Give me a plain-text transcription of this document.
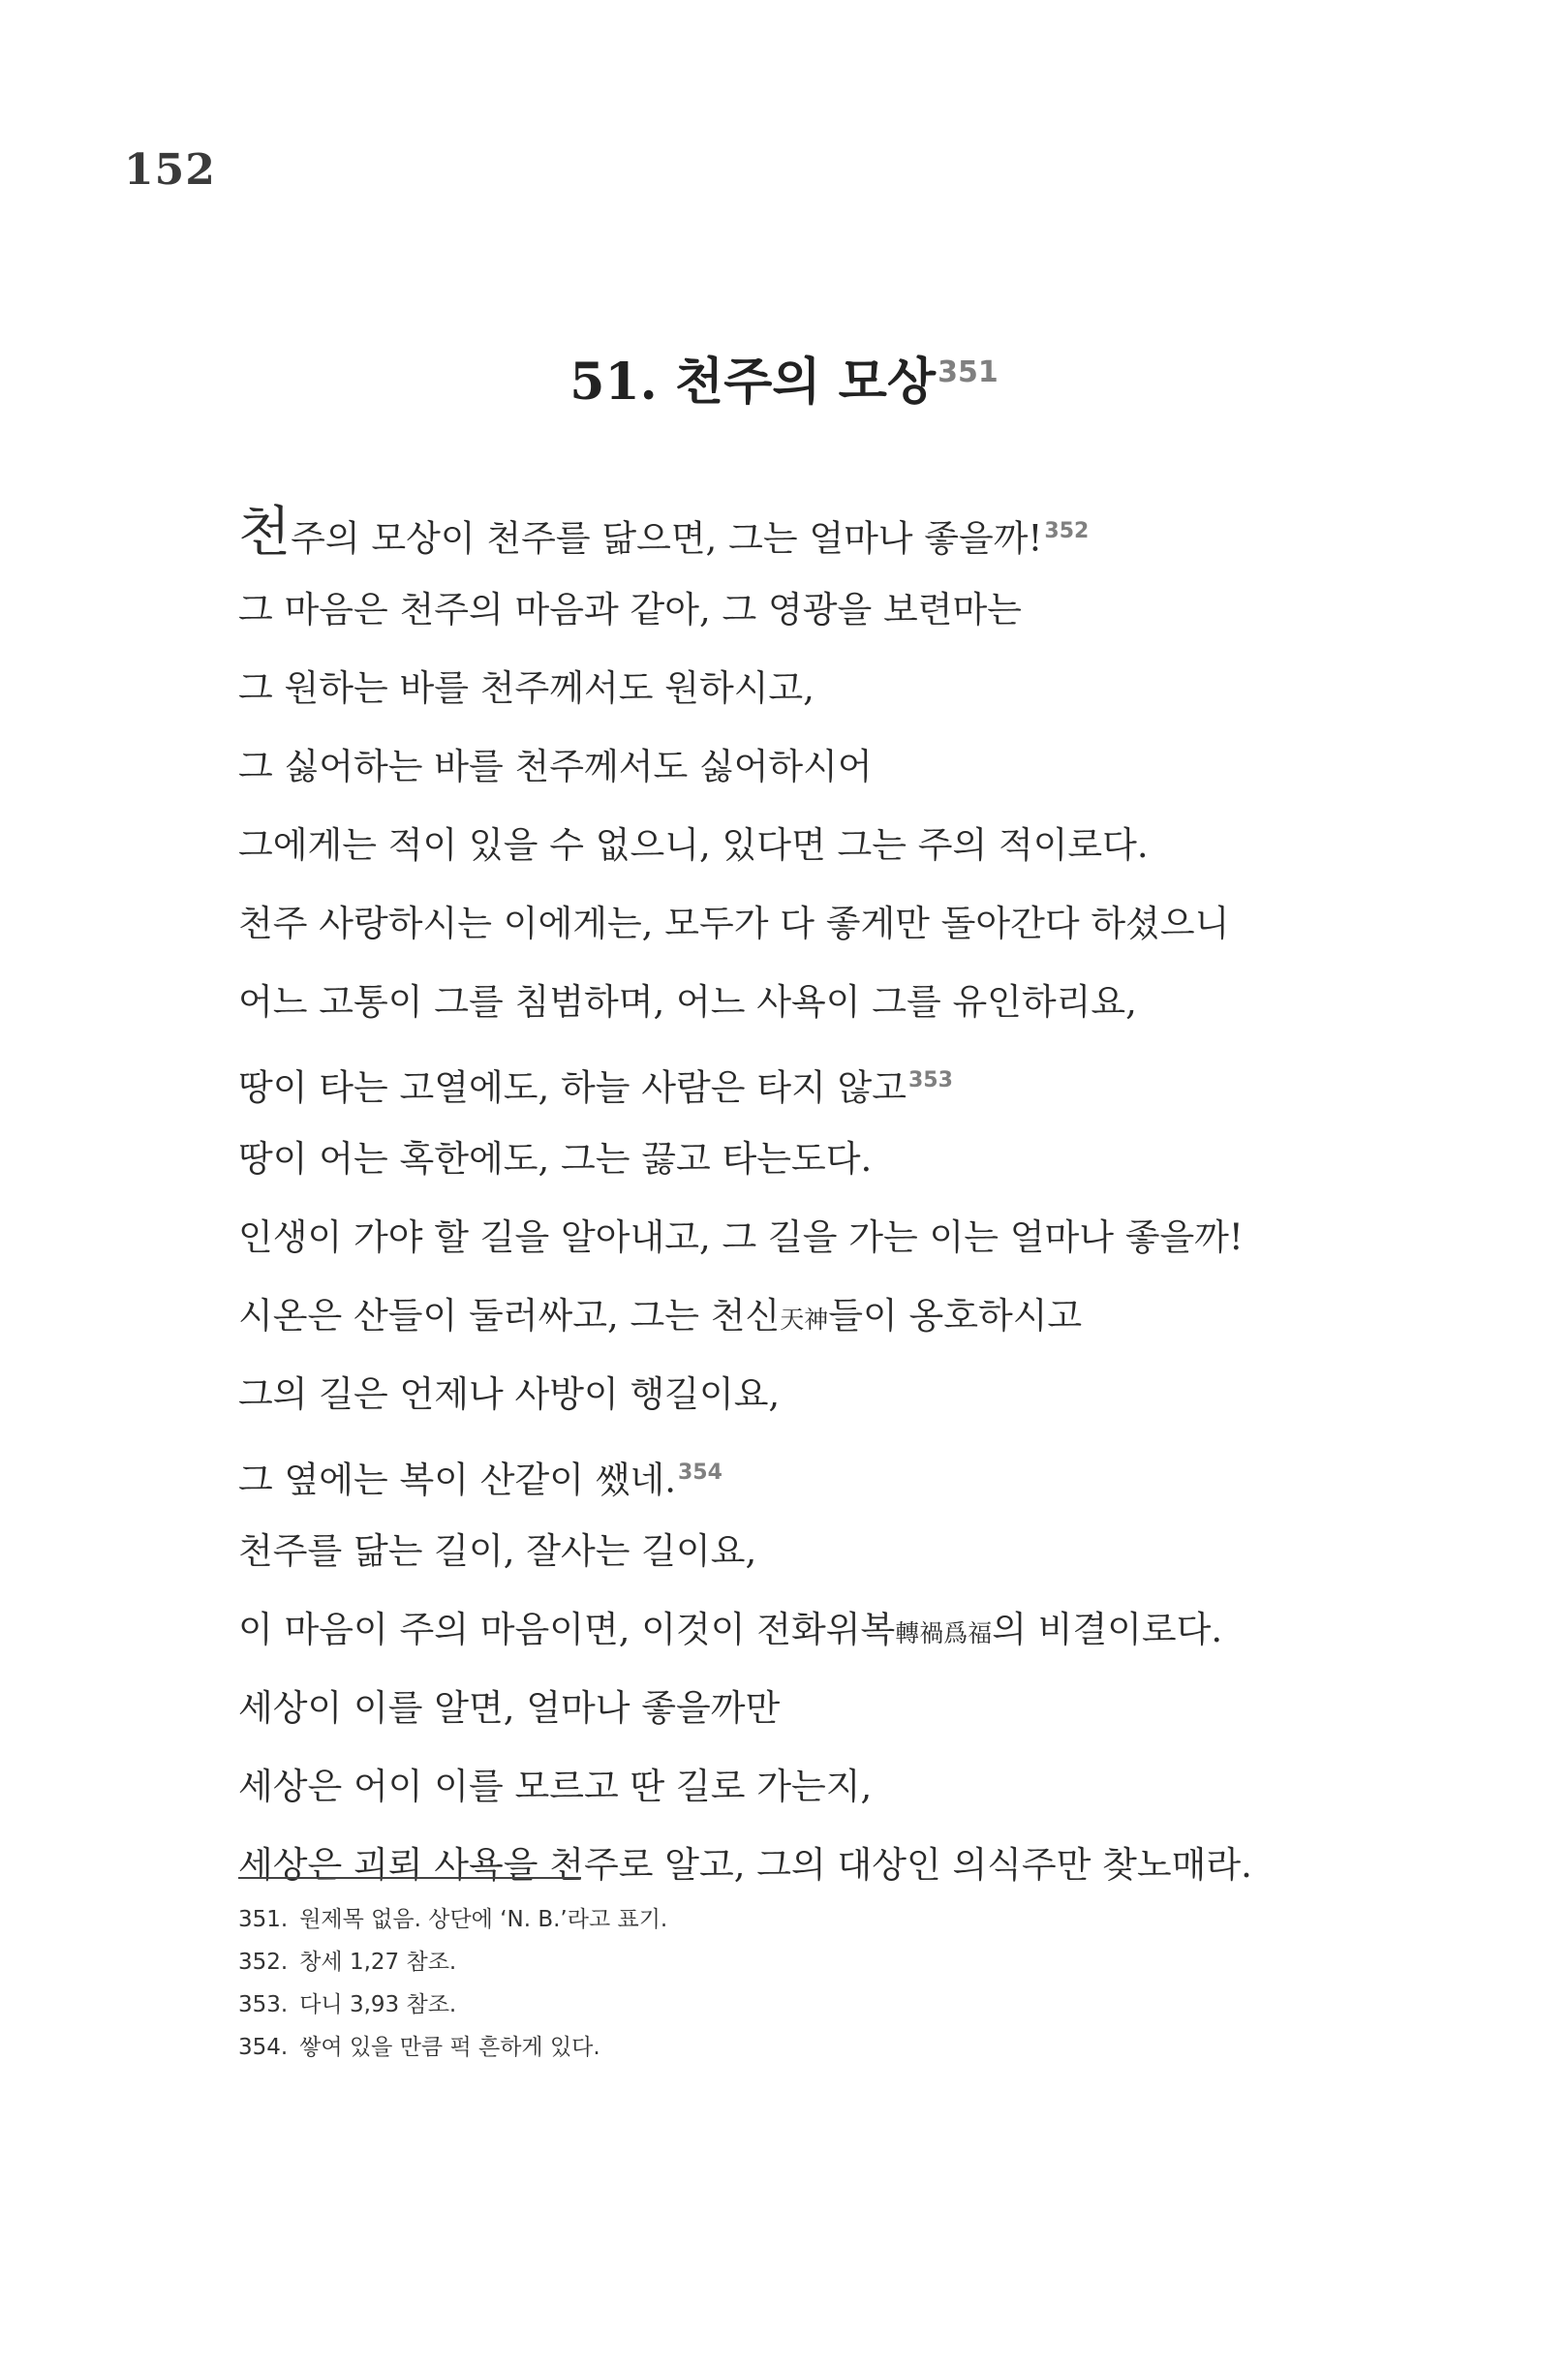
152
51. 천주의 모상$^{351}$
천주의 모상이 천주를 닮으면, 그는 얼마나 좋을까!$^{352}$
그 마음은 천주의 마음과 같아, 그 영광을 보련마는
그 원하는 바를 천주께서도 원하시고,
그 싫어하는 바를 천주께서도 싫어하시어
그에게는 적이 있을 수 없으니, 있다면 그는 주의 적이로다.
천주 사랑하시는 이에게는, 모두가 다 좋게만 돌아간다 하셨으니
어느 고통이 그를 침범하며, 어느 사욕이 그를 유인하리요,
땅이 타는 고열에도, 하늘 사람은 타지 않고$^{353}$
땅이 어는 혹한에도, 그는 끓고 타는도다.
인생이 가야 할 길을 알아내고, 그 길을 가는 이는 얼마나 좋을까!
시온은 산들이 둘러싸고, 그는 천신天神들이 옹호하시고
그의 길은 언제나 사방이 행길이요,
그 옆에는 복이 산같이 쌨네.$^{354}$
천주를 닮는 길이, 잘사는 길이요,
이 마음이 주의 마음이면, 이것이 전화위복轉禍爲福의 비결이로다.
세상이 이를 알면, 얼마나 좋을까만
세상은 어이 이를 모르고 딴 길로 가는지,
세상은 괴뢰 사욕을 천주로 알고, 그의 대상인 의식주만 찾노매라.
351. 원제목 없음. 상단에 ‘N. B.’라고 표기.
352. 창세 1,27 참조.
353. 다니 3,93 참조.
354. 쌓여 있을 만큼 퍽 흔하게 있다.
